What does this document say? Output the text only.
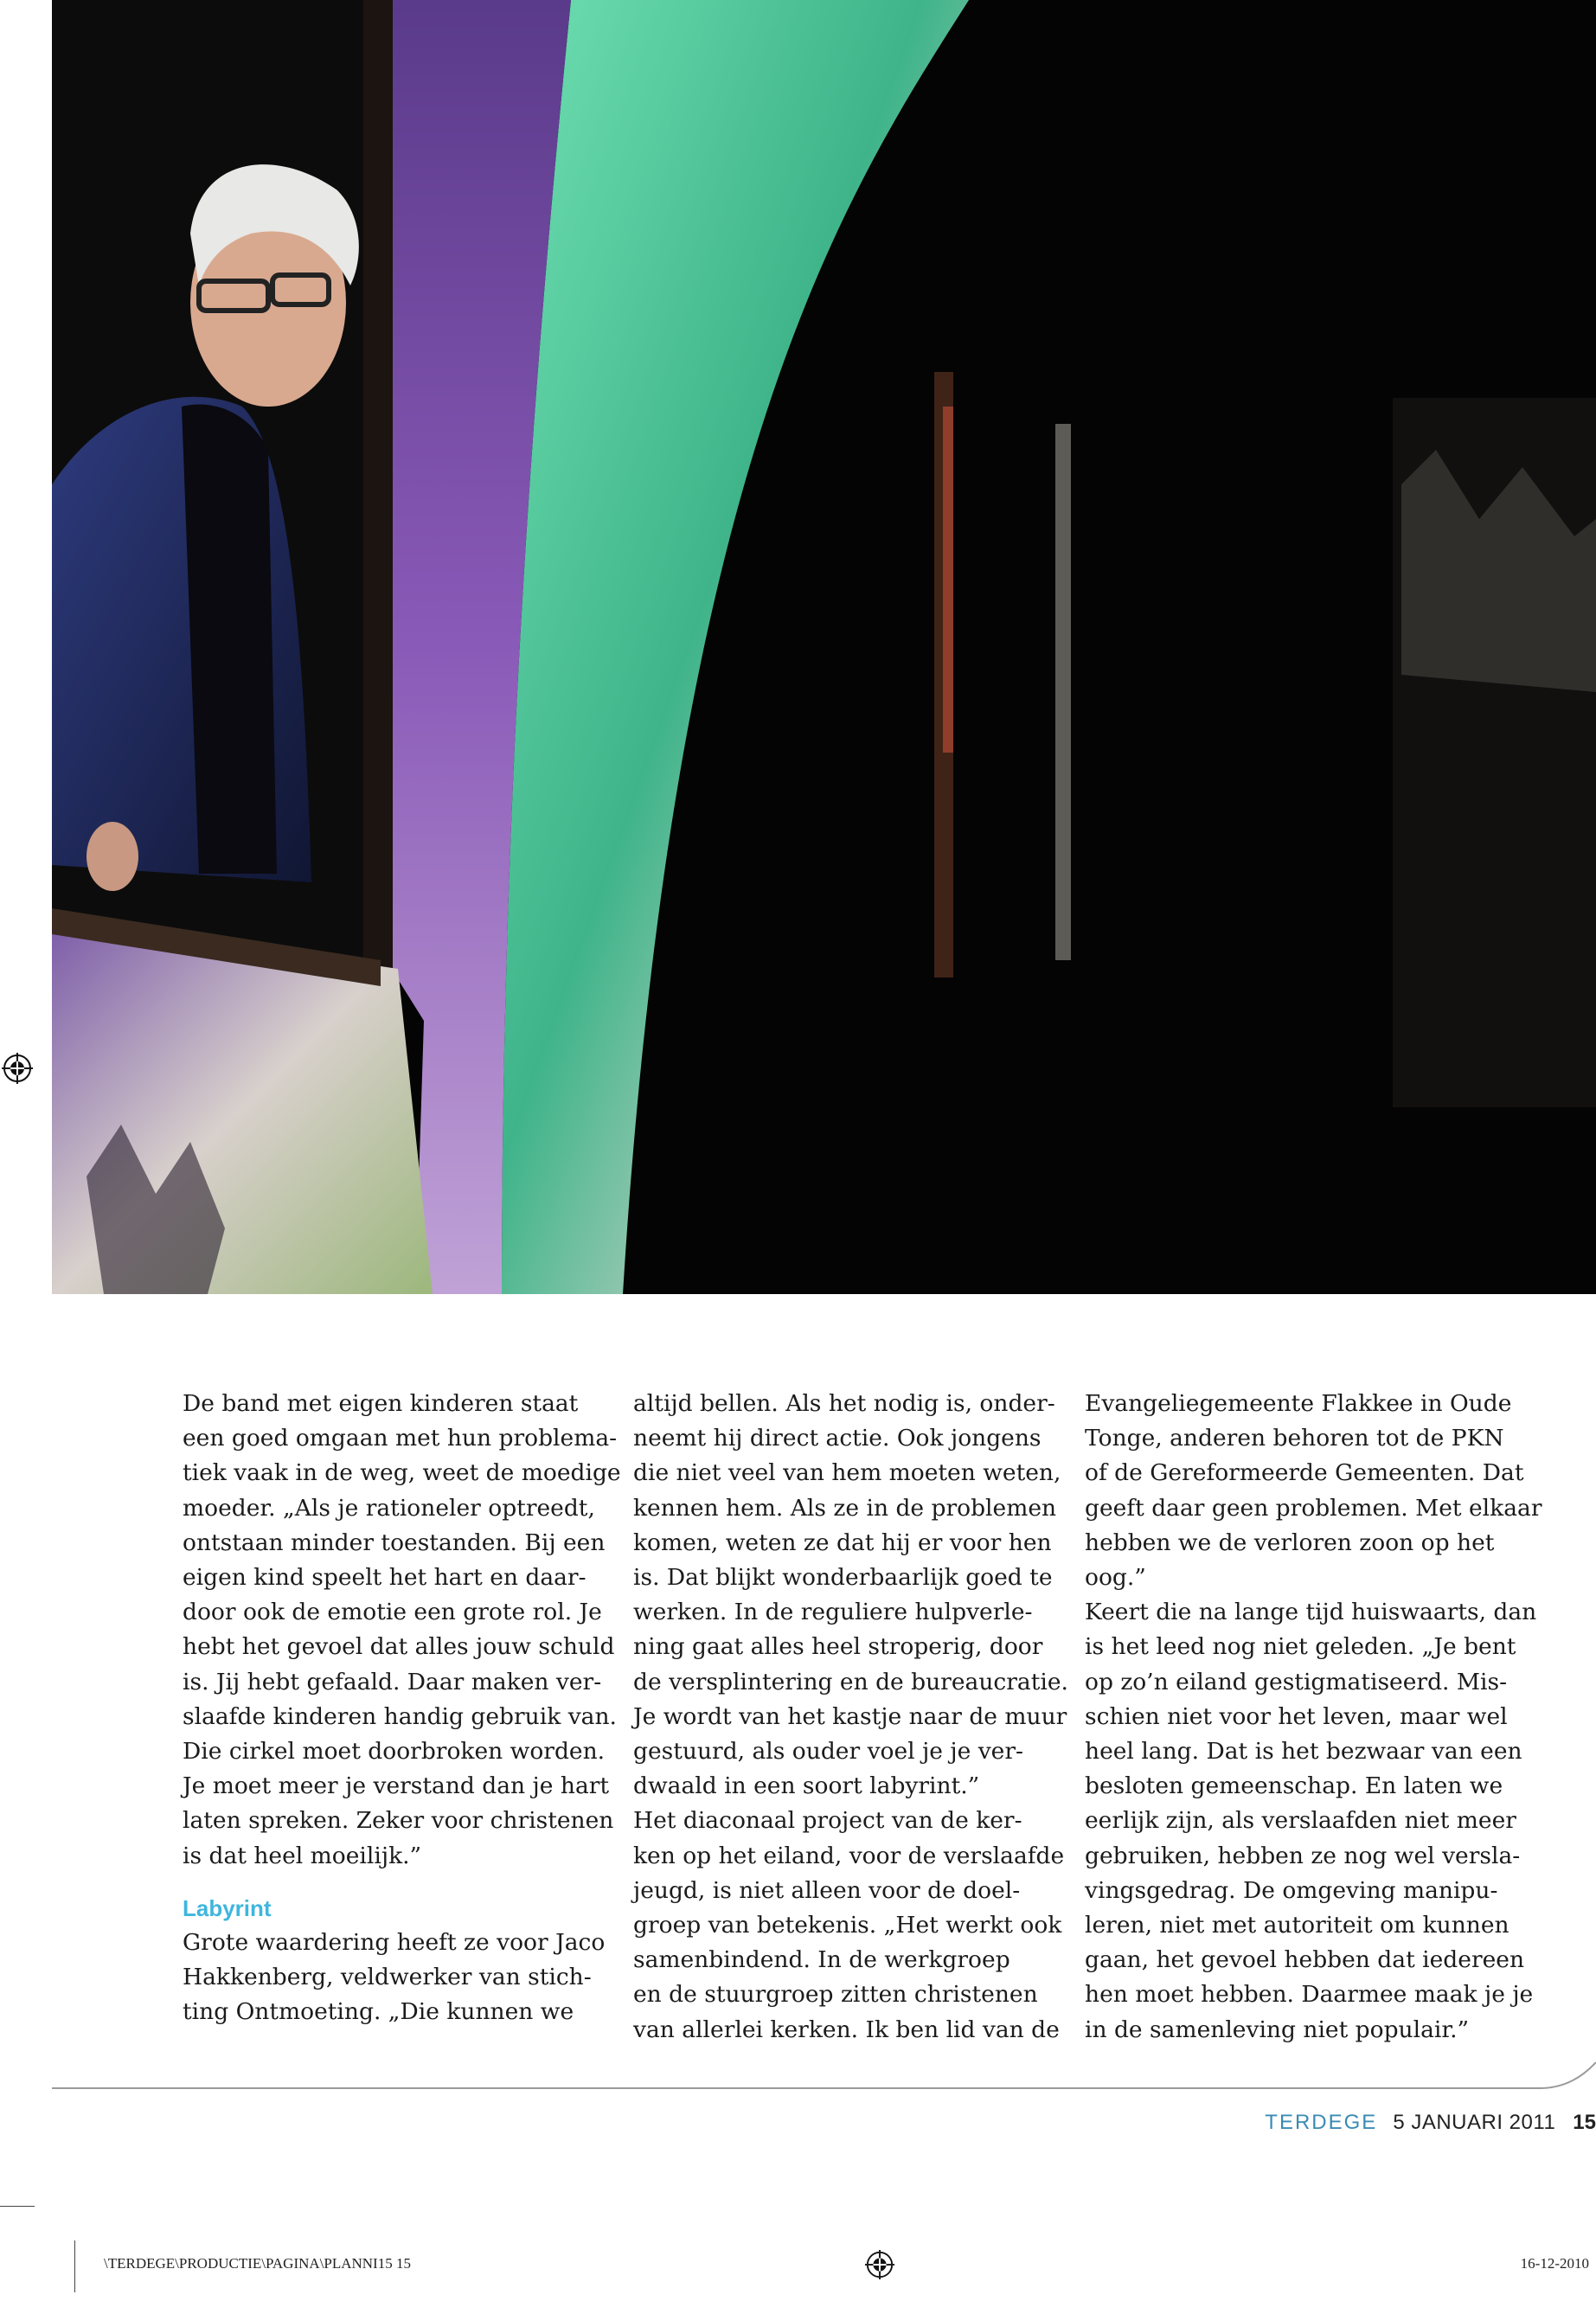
De band met eigen kinderen staat

een goed omgaan met hun problema-

tiek vaak in de weg, weet de moedige

moeder. „Als je rationeler optreedt,

ontstaan minder toestanden. Bij een

eigen kind speelt het hart en daar-

door ook de emotie een grote rol. Je

hebt het gevoel dat alles jouw schuld

is. Jij hebt gefaald. Daar maken ver-

slaafde kinderen handig gebruik van.

Die cirkel moet doorbroken worden.

Je moet meer je verstand dan je hart

laten spreken. Zeker voor christenen

is dat heel moeilijk.”

Labyrint

Grote waardering heeft ze voor Jaco

Hakkenberg, veldwerker van stich-

ting Ontmoeting. „Die kunnen we

altijd bellen. Als het nodig is, onder-

neemt hij direct actie. Ook jongens

die niet veel van hem moeten weten,

kennen hem. Als ze in de problemen

komen, weten ze dat hij er voor hen

is. Dat blijkt wonderbaarlijk goed te

werken. In de reguliere hulpverle-

ning gaat alles heel stroperig, door

de versplintering en de bureaucratie.

Je wordt van het kastje naar de muur

gestuurd, als ouder voel je je ver-

dwaald in een soort labyrint.”

Het diaconaal project van de ker-

ken op het eiland, voor de verslaafde

jeugd, is niet alleen voor de doel-

groep van betekenis. „Het werkt ook

samenbindend. In de werkgroep

en de stuurgroep zitten christenen

van allerlei kerken. Ik ben lid van de

Evangeliegemeente Flakkee in Oude

Tonge, anderen behoren tot de PKN

of de Gereformeerde Gemeenten. Dat

geeft daar geen problemen. Met elkaar

hebben we de verloren zoon op het

oog.”

Keert die na lange tijd huiswaarts, dan

is het leed nog niet geleden. „Je bent

op zo’n eiland gestigmatiseerd. Mis-

schien niet voor het leven, maar wel

heel lang. Dat is het bezwaar van een

besloten gemeenschap. En laten we

eerlijk zijn, als verslaafden niet meer

gebruiken, hebben ze nog wel versla-

vingsgedrag. De omgeving manipu-

leren, niet met autoriteit om kunnen

gaan, het gevoel hebben dat iedereen

hen moet hebben. Daarmee maak je je

in de samenleving niet populair.”

TERDEGE 5 JANUARI 2011 15
\TERDEGE\PRODUCTIE\PAGINA\PLANNI15 15	16-12-2010
